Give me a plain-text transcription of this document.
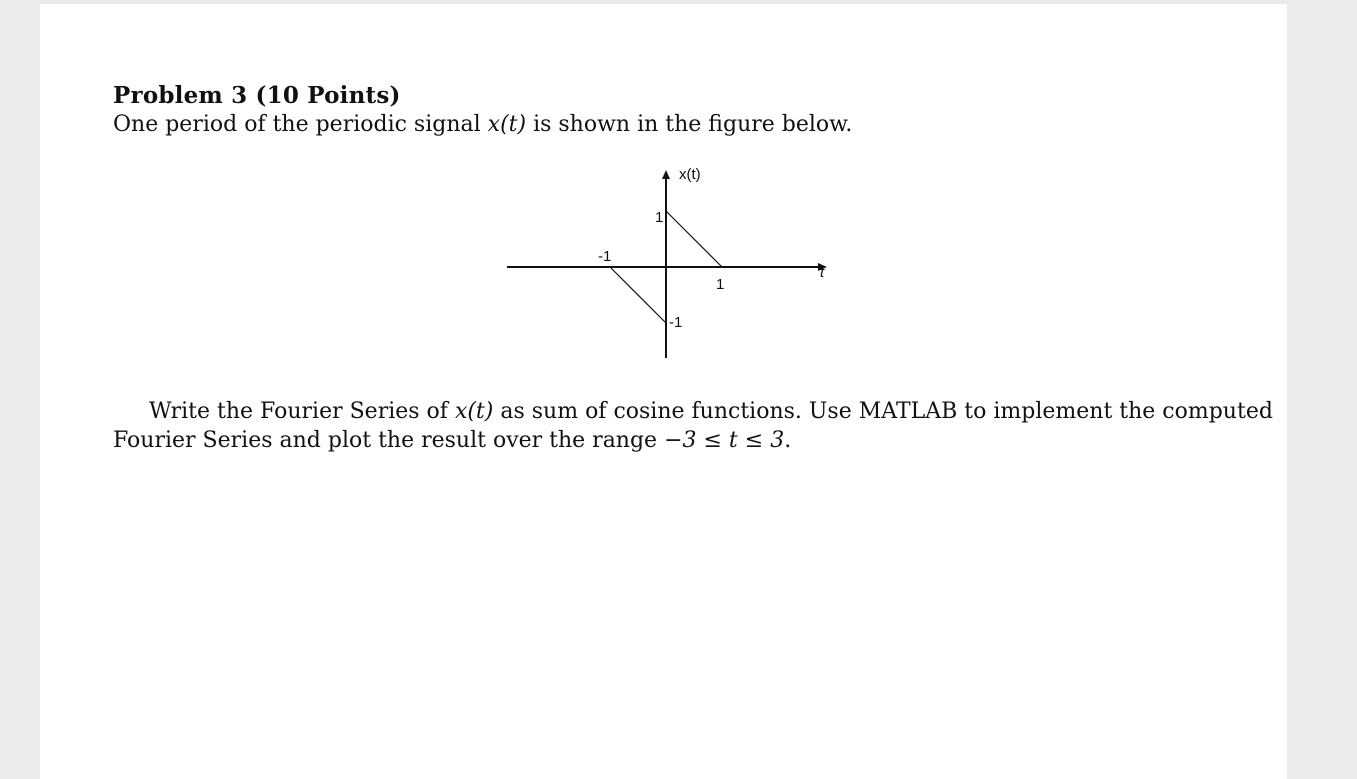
Problem 3 (10 Points)
One period of the periodic signal x(t) is shown in the figure below.
x(t)
t
1
-1
1
-1
Write the Fourier Series of x(t) as sum of cosine functions. Use MATLAB to implement the computed
Fourier Series and plot the result over the range −3 ≤ t ≤ 3.
